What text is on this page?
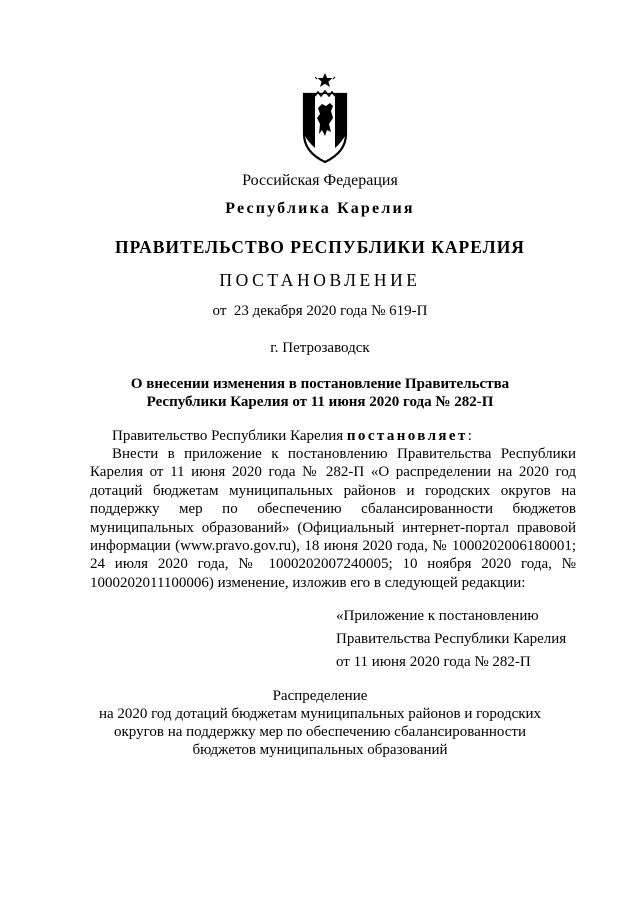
Российская Федерация
Республика Карелия
ПРАВИТЕЛЬСТВО РЕСПУБЛИКИ КАРЕЛИЯ
ПОСТАНОВЛЕНИЕ
от  23 декабря 2020 года № 619-П
г. Петрозаводск
О внесении изменения в постановление Правительства
Республики Карелия от 11 июня 2020 года № 282-П
Правительство Республики Карелия постановляет:
Внести в приложение к постановлению Правительства Республики Карелия от 11 июня 2020 года № 282-П «О распределении на 2020 год дотаций бюджетам муниципальных районов и городских округов на поддержку мер по обеспечению сбалансированности бюджетов муниципальных образований» (Официальный интернет-портал правовой информации (www.pravo.gov.ru), 18 июня 2020 года, № 1000202006180001; 24 июля 2020 года, № 1000202007240005; 10 ноября 2020 года, № 1000202011100006) изменение, изложив его в следующей редакции:
«Приложение к постановлению
Правительства Республики Карелия
от 11 июня 2020 года № 282-П
Распределение
на 2020 год дотаций бюджетам муниципальных районов и городских
округов на поддержку мер по обеспечению сбалансированности
бюджетов муниципальных образований
